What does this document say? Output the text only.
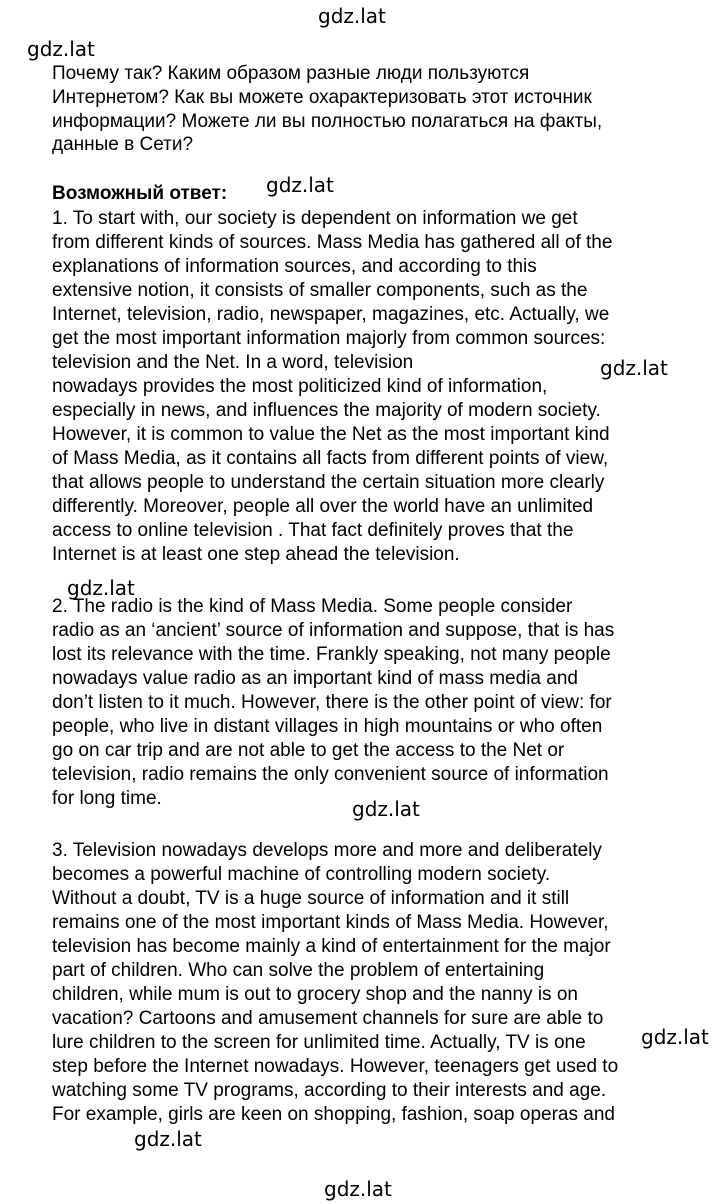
gdz.lat
gdz.lat
gdz.lat
gdz.lat
gdz.lat
gdz.lat
gdz.lat
gdz.lat
gdz.lat
Почему так? Каким образом разные люди пользуются
Интернетом? Как вы можете охарактеризовать этот источник
информации? Можете ли вы полностью полагаться на факты,
данные в Сети?
Возможный ответ:
1. To start with, our society is dependent on information we get
from different kinds of sources. Mass Media has gathered all of the
explanations of information sources, and according to this
extensive notion, it consists of smaller components, such as the
Internet, television, radio, newspaper, magazines, etc. Actually, we
get the most important information majorly from common sources:
television and the Net. In a word, television
nowadays provides the most politicized kind of information,
especially in news, and influences the majority of modern society.
However, it is common to value the Net as the most important kind
of Mass Media, as it contains all facts from different points of view,
that allows people to understand the certain situation more clearly
differently. Moreover, people all over the world have an unlimited
access to online television . That fact definitely proves that the
Internet is at least one step ahead the television.
2. The radio is the kind of Mass Media. Some people consider
radio as an ‘ancient’ source of information and suppose, that is has
lost its relevance with the time. Frankly speaking, not many people
nowadays value radio as an important kind of mass media and
don’t listen to it much. However, there is the other point of view: for
people, who live in distant villages in high mountains or who often
go on car trip and are not able to get the access to the Net or
television, radio remains the only convenient source of information
for long time.
3. Television nowadays develops more and more and deliberately
becomes a powerful machine of controlling modern society.
Without a doubt, TV is a huge source of information and it still
remains one of the most important kinds of Mass Media. However,
television has become mainly a kind of entertainment for the major
part of children. Who can solve the problem of entertaining
children, while mum is out to grocery shop and the nanny is on
vacation? Cartoons and amusement channels for sure are able to
lure children to the screen for unlimited time. Actually, TV is one
step before the Internet nowadays. However, teenagers get used to
watching some TV programs, according to their interests and age.
For example, girls are keen on shopping, fashion, soap operas and
